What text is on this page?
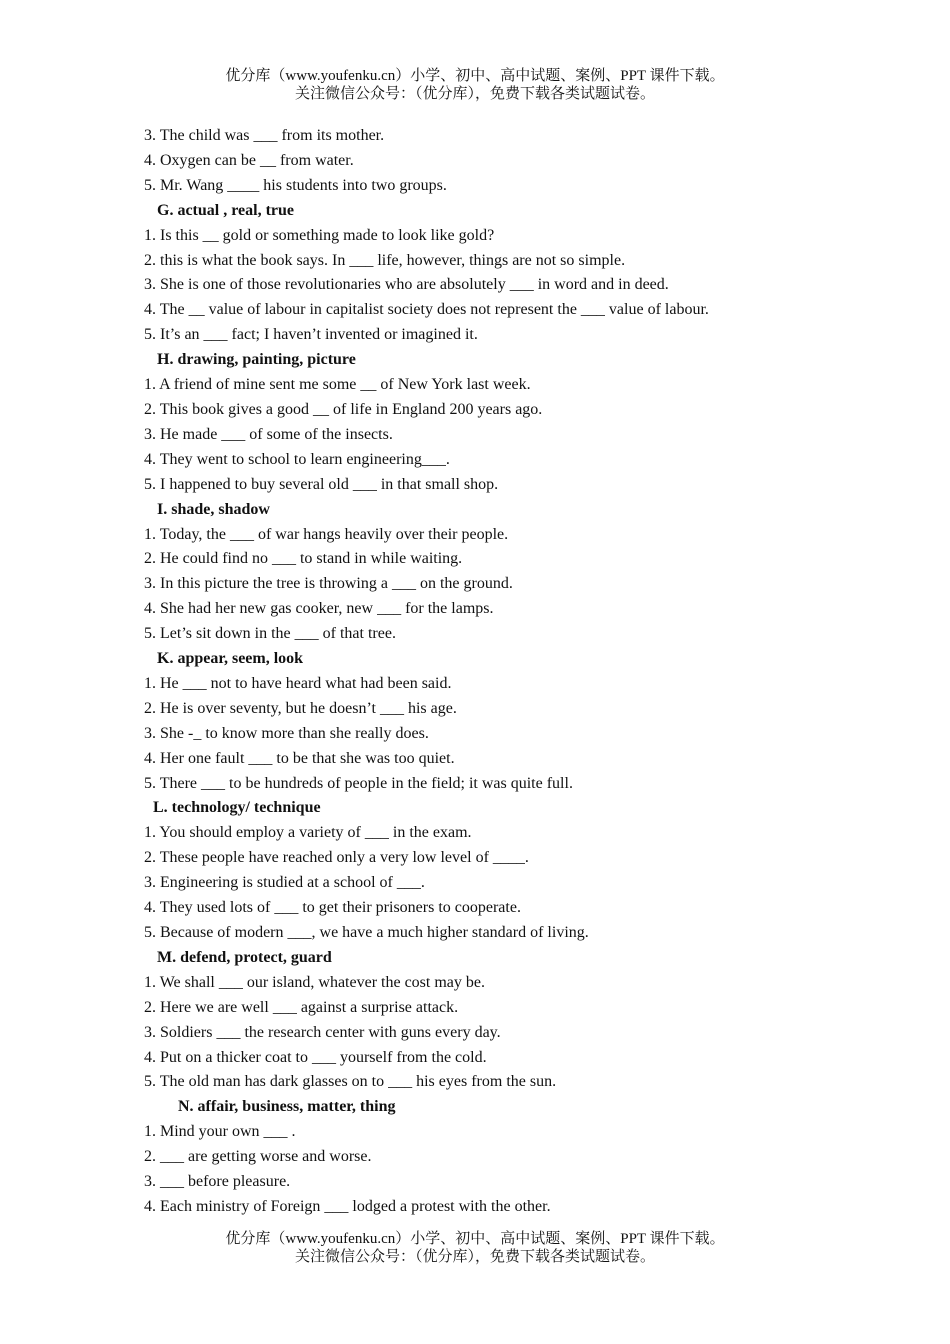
优分库（www.youfenku.cn）小学、初中、高中试题、案例、PPT 课件下载。
关注微信公众号：（优分库），免费下载各类试题试卷。
3. The child was ___ from its mother.
4. Oxygen can be __ from water.
5. Mr. Wang ____ his students into two groups.
G. actual , real, true
1. Is this __ gold or something made to look like gold?
2. this is what the book says. In ___ life, however, things are not so simple.
3. She is one of those revolutionaries who are absolutely ___ in word and in deed.
4. The __ value of labour in capitalist society does not represent the ___ value of labour.
5. It’s an ___ fact; I haven’t invented or imagined it.
H. drawing, painting, picture
1. A friend of mine sent me some __ of New York last week.
2. This book gives a good __ of life in England 200 years ago.
3. He made ___ of some of the insects.
4. They went to school to learn engineering___.
5. I happened to buy several old ___ in that small shop.
I. shade, shadow
1. Today, the ___ of war hangs heavily over their people.
2. He could find no ___ to stand in while waiting.
3. In this picture the tree is throwing a ___ on the ground.
4. She had her new gas cooker, new ___ for the lamps.
5. Let’s sit down in the ___ of that tree.
K. appear, seem, look
1. He ___ not to have heard what had been said.
2. He is over seventy, but he doesn’t ___ his age.
3. She -_ to know more than she really does.
4. Her one fault ___ to be that she was too quiet.
5. There ___ to be hundreds of people in the field; it was quite full.
L. technology/ technique
1. You should employ a variety of ___ in the exam.
2. These people have reached only a very low level of ____.
3. Engineering is studied at a school of ___.
4. They used lots of ___ to get their prisoners to cooperate.
5. Because of modern ___, we have a much higher standard of living.
M. defend, protect, guard
1. We shall ___ our island, whatever the cost may be.
2. Here we are well ___ against a surprise attack.
3. Soldiers ___ the research center with guns every day.
4. Put on a thicker coat to ___ yourself from the cold.
5. The old man has dark glasses on to ___ his eyes from the sun.
N. affair, business, matter, thing
1. Mind your own ___ .
2. ___ are getting worse and worse.
3. ___ before pleasure.
4. Each ministry of Foreign ___ lodged a protest with the other.
优分库（www.youfenku.cn）小学、初中、高中试题、案例、PPT 课件下载。
关注微信公众号：（优分库），免费下载各类试题试卷。
